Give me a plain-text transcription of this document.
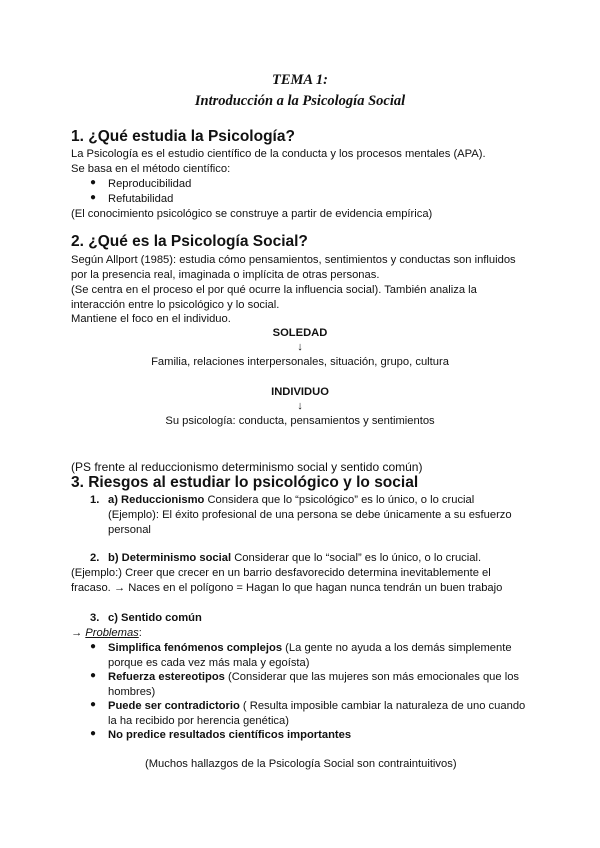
TEMA 1:
Introducción a la Psicología Social
1. ¿Qué estudia la Psicología?
La Psicología es el estudio científico de la conducta y los procesos mentales (APA).
Se basa en el método científico:
● Reproducibilidad
● Refutabilidad
(El conocimiento psicológico se construye a partir de evidencia empírica)
2. ¿Qué es la Psicología Social?
Según Allport (1985): estudia cómo pensamientos, sentimientos y conductas son influidos
por la presencia real, imaginada o implícita de otras personas.
(Se centra en el proceso el por qué ocurre la influencia social). También analiza la
interacción entre lo psicológico y lo social.
Mantiene el foco en el individuo.
SOLEDAD
↓
Familia, relaciones interpersonales, situación, grupo, cultura
INDIVIDUO
↓
Su psicología: conducta, pensamientos y sentimientos
(PS frente al reduccionismo determinismo social y sentido común)
3. Riesgos al estudiar lo psicológico y lo social
1. a) Reduccionismo Considera que lo “psicológico” es lo único, o lo crucial
(Ejemplo): El éxito profesional de una persona se debe únicamente a su esfuerzo
personal
2. b) Determinismo social Considerar que lo “social” es lo único, o lo crucial.
(Ejemplo:) Creer que crecer en un barrio desfavorecido determina inevitablemente el
fracaso. → Naces en el polígono = Hagan lo que hagan nunca tendrán un buen trabajo
3. c) Sentido común
→ Problemas:
● Simplifica fenómenos complejos (La gente no ayuda a los demás simplemente
porque es cada vez más mala y egoísta)
● Refuerza estereotipos (Considerar que las mujeres son más emocionales que los
hombres)
● Puede ser contradictorio ( Resulta imposible cambiar la naturaleza de uno cuando
la ha recibido por herencia genética)
● No predice resultados científicos importantes
(Muchos hallazgos de la Psicología Social son contraintuitivos)
